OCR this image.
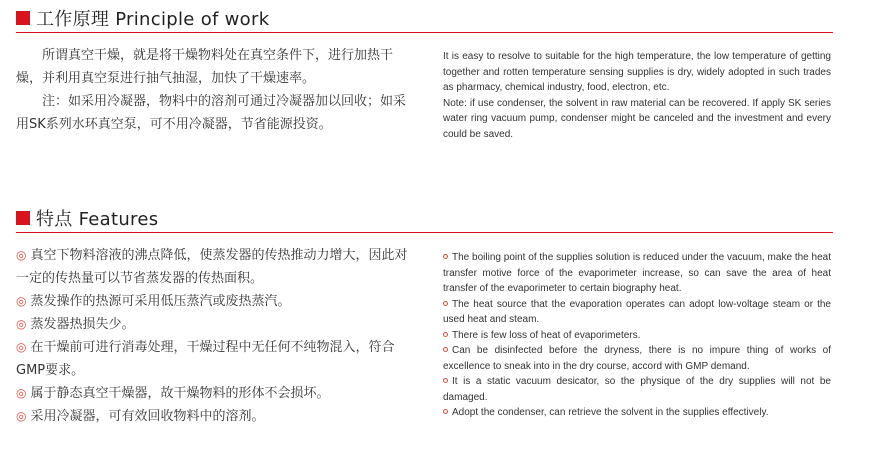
工作原理 Principle of work

所谓真空干燥，就是将干燥物料处在真空条件下，进行加热干燥，并利用真空泵进行抽气抽湿，加快了干燥速率。

注：如采用冷凝器，物料中的溶剂可通过冷凝器加以回收；如采用SK系列水环真空泵，可不用冷凝器，节省能源投资。

It is easy to resolve to suitable for the high temperature, the low temperature of getting together and rotten temperature sensing supplies is dry, widely adopted in such trades as pharmacy, chemical industry, food, electron, etc.

Note: if use condenser, the solvent in raw material can be recovered. If apply SK series water ring vacuum pump, condenser might be canceled and the investment and every could be saved.

特点 Features

◎ 真空下物料溶液的沸点降低，使蒸发器的传热推动力增大，因此对一定的传热量可以节省蒸发器的传热面积。

◎ 蒸发操作的热源可采用低压蒸汽或废热蒸汽。

◎ 蒸发器热损失少。

◎ 在干燥前可进行消毒处理，干燥过程中无任何不纯物混入，符合GMP要求。

◎ 属于静态真空干燥器，故干燥物料的形体不会损坏。

◎ 采用冷凝器，可有效回收物料中的溶剂。

The boiling point of the supplies solution is reduced under the vacuum, make the heat transfer motive force of the evaporimeter increase, so can save the area of heat transfer of the evaporimeter to certain biography heat.

The heat source that the evaporation operates can adopt low-voltage steam or the used heat and steam.

There is few loss of heat of evaporimeters.

Can be disinfected before the dryness, there is no impure thing of works of excellence to sneak into in the dry course, accord with GMP demand.

It is a static vacuum desicator, so the physique of the dry supplies will not be damaged.

Adopt the condenser, can retrieve the solvent in the supplies effectively.
